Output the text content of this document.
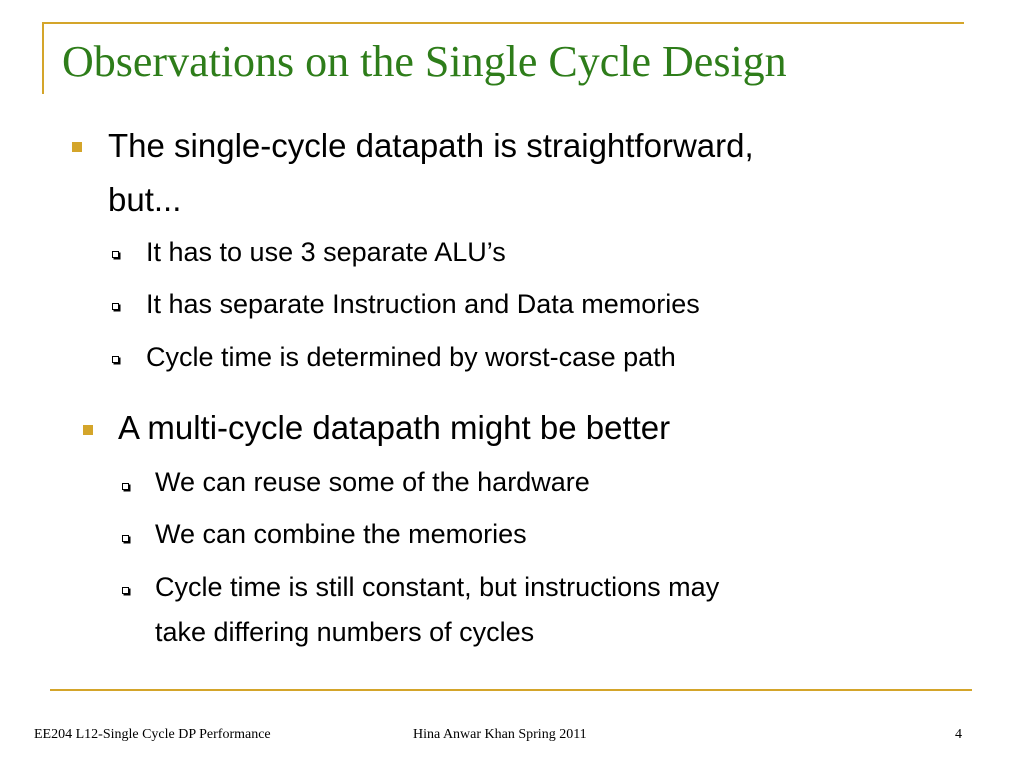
Observations on the Single Cycle Design
The single-cycle datapath is straightforward,
but...
It has to use 3 separate ALU’s
It has separate Instruction and Data memories
Cycle time is determined by worst-case path
A multi-cycle datapath might be better
We can reuse some of the hardware
We can combine the memories
Cycle time is still constant, but instructions may
take differing numbers of cycles
EE204 L12-Single Cycle DP Performance	Hina Anwar Khan Spring 2011	4
